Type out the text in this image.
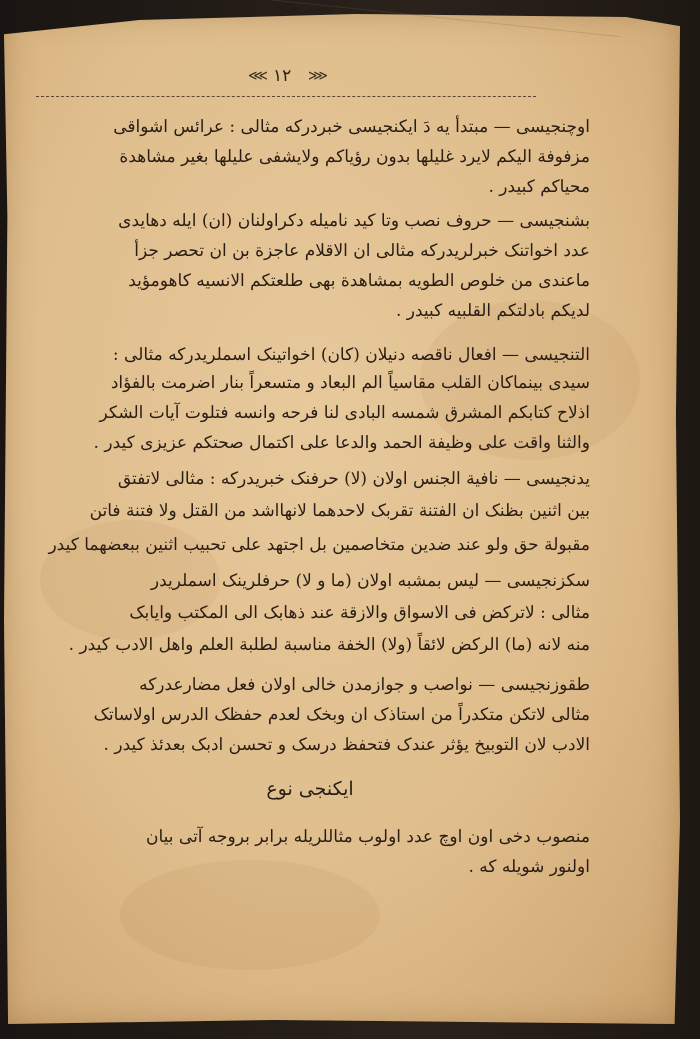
⋘ ١٢ ⋙
اوچنجیسی — مبتدأ یه دَ ایکنجیسی خبردرکه مثالی : عرائس اشواقی
مزفوفة الیکم لایرد غلیلها بدون رؤیاکم ولایشفی علیلها بغیر مشاهدة
محیاکم کبیدر .
بشنجیسی — حروف نصب وتا کید نامیله دکراولنان (ان) ایله دهایدی
عدد اخواتنک خبرلریدرکه مثالی ان الاقلام عاجزة بن ان تحصر جزأ
ماعندی من خلوص الطویه بمشاهدة بهی طلعتکم الانسیه کاهومؤید
لدیکم بادلتکم القلبیه کبیدر .
التنجیسی — افعال ناقصه دنیلان (کان) اخواتینک اسملریدرکه مثالی :
سیدی بینماکان القلب مقاسیاً الم البعاد و متسعراً بنار اضرمت بالفؤاد
اذلاح کتابکم المشرق شمسه البادی لنا فرحه وانسه فتلوت آیات الشکر
والثنا واقت علی وظیفة الحمد والدعا علی اکتمال صحتکم عزیزی کیدر .
یدنجیسی — نافیة الجنس اولان (لا) حرفنک خبریدرکه : مثالی لاتفتق
بین اثنین بظنک ان الفتنة تقربک لاحدهما لانهااشد من القتل ولا فتنة فاتن
مقبولة حق ولو عند ضدین متخاصمین بل اجتهد علی تحبیب اثنین ببعضهما کیدر
سکزنجیسی — لیس بمشبه اولان (ما و لا) حرفلرینک اسملریدر
مثالی : لاترکض فی الاسواق والازقة عند ذهابک الی المکتب وایابک
منه لانه (ما) الرکض لائقاً (ولا) الخفة مناسبة لطلبة العلم واهل الادب کیدر .
طقوزنجیسی — نواصب و جوازمدن خالی اولان فعل مضارعدرکه
مثالی لاتکن متکدراً من استاذک ان وبخک لعدم حفظک الدرس اولاساتک
الادب لان التوبیخ یؤثر عندک فتحفظ درسک و تحسن ادبک بعدئذ کیدر .
ایکنجی نوع
منصوب دخی اون اوچ عدد اولوب مثاللریله برابر بروجه آتی بیان
اولنور شویله که .
